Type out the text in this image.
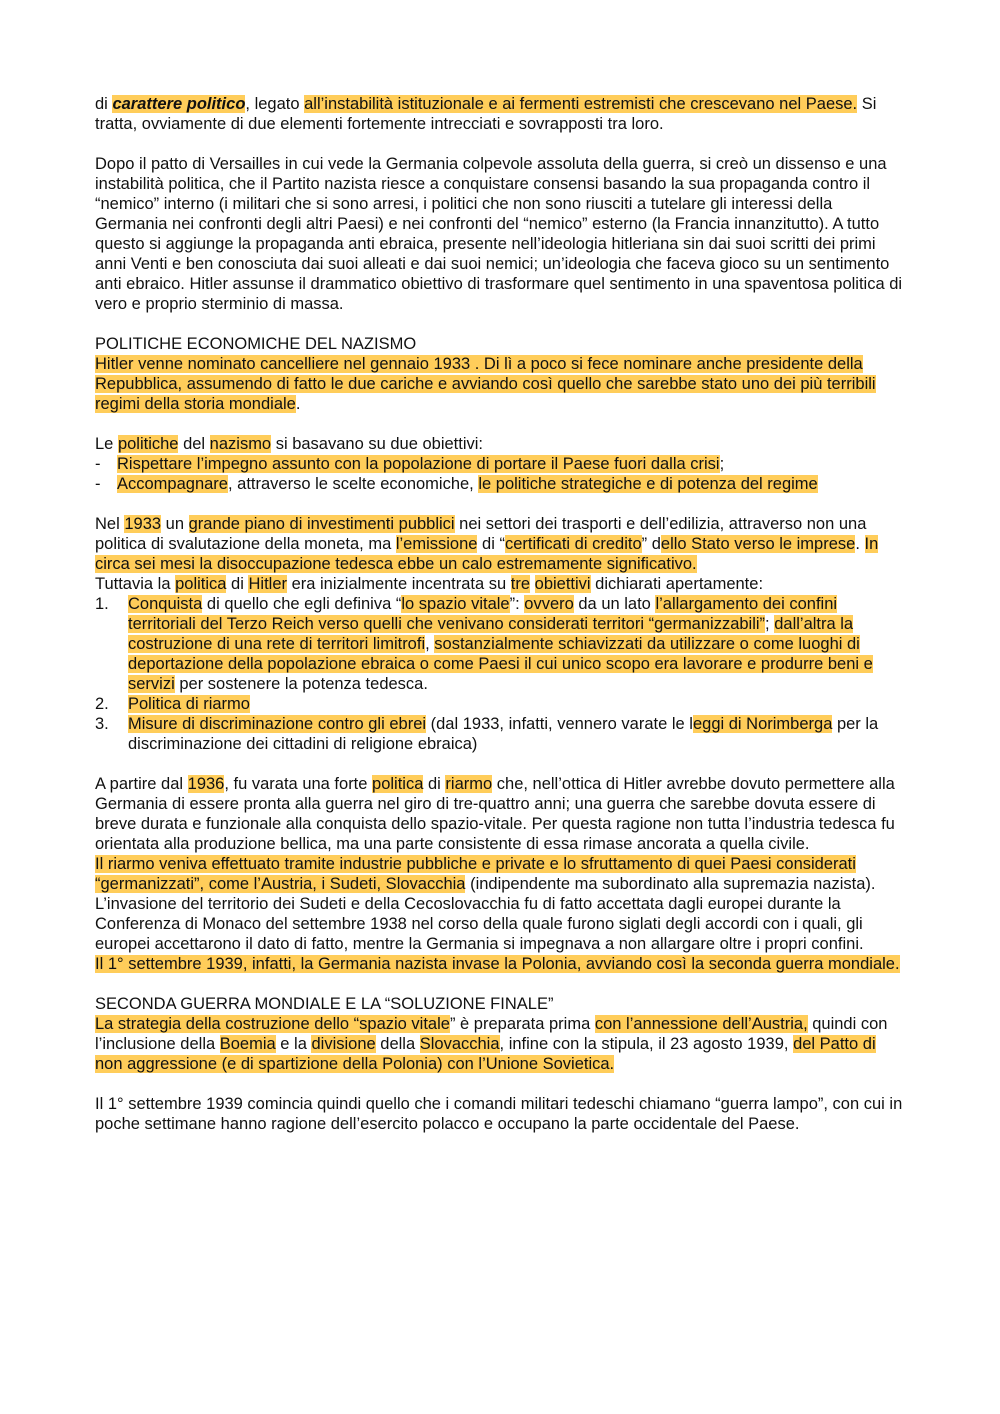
di carattere politico, legato all’instabilità istituzionale e ai fermenti estremisti che crescevano nel Paese. Si tratta, ovviamente di due elementi fortemente intrecciati e sovrapposti tra loro.

Dopo il patto di Versailles in cui vede la Germania colpevole assoluta della guerra, si creò un dissenso e una instabilità politica, che il Partito nazista riesce a conquistare consensi basando la sua propaganda contro il “nemico” interno (i militari che si sono arresi, i politici che non sono riusciti a tutelare gli interessi della Germania nei confronti degli altri Paesi) e nei confronti del “nemico” esterno (la Francia innanzitutto). A tutto questo si aggiunge la propaganda anti ebraica, presente nell’ideologia hitleriana sin dai suoi scritti dei primi anni Venti e ben conosciuta dai suoi alleati e dai suoi nemici; un’ideologia che faceva gioco su un sentimento anti ebraico. Hitler assunse il drammatico obiettivo di trasformare quel sentimento in una spaventosa politica di vero e proprio sterminio di massa.

POLITICHE ECONOMICHE DEL NAZISMO

Hitler venne nominato cancelliere nel gennaio 1933 . Di lì a poco si fece nominare anche presidente della Repubblica, assumendo di fatto le due cariche e avviando così quello che sarebbe stato uno dei più terribili regimi della storia mondiale.

Le politiche del nazismo si basavano su due obiettivi:

- Rispettare l’impegno assunto con la popolazione di portare il Paese fuori dalla crisi;
- Accompagnare, attraverso le scelte economiche, le politiche strategiche e di potenza del regime

Nel 1933 un grande piano di investimenti pubblici nei settori dei trasporti e dell’edilizia, attraverso non una politica di svalutazione della moneta, ma l’emissione di “certificati di credito” dello Stato verso le imprese. In circa sei mesi la disoccupazione tedesca ebbe un calo estremamente significativo.

Tuttavia la politica di Hitler era inizialmente incentrata su tre obiettivi dichiarati apertamente:

1. Conquista di quello che egli definiva “lo spazio vitale”: ovvero da un lato l’allargamento dei confini territoriali del Terzo Reich verso quelli che venivano considerati territori “germanizzabili”; dall’altra la costruzione di una rete di territori limitrofi, sostanzialmente schiavizzati da utilizzare o come luoghi di deportazione della popolazione ebraica o come Paesi il cui unico scopo era lavorare e produrre beni e servizi per sostenere la potenza tedesca.
2. Politica di riarmo
3. Misure di discriminazione contro gli ebrei (dal 1933, infatti, vennero varate le leggi di Norimberga per la discriminazione dei cittadini di religione ebraica)

A partire dal 1936, fu varata una forte politica di riarmo che, nell’ottica di Hitler avrebbe dovuto permettere alla Germania di essere pronta alla guerra nel giro di tre-quattro anni; una guerra che sarebbe dovuta essere di breve durata e funzionale alla conquista dello spazio-vitale. Per questa ragione non tutta l’industria tedesca fu orientata alla produzione bellica, ma una parte consistente di essa rimase ancorata a quella civile.

Il riarmo veniva effettuato tramite industrie pubbliche e private e lo sfruttamento di quei Paesi considerati “germanizzati”, come l’Austria, i Sudeti, Slovacchia (indipendente ma subordinato alla supremazia nazista). L’invasione del territorio dei Sudeti e della Cecoslovacchia fu di fatto accettata dagli europei durante la Conferenza di Monaco del settembre 1938 nel corso della quale furono siglati degli accordi con i quali, gli europei accettarono il dato di fatto, mentre la Germania si impegnava a non allargare oltre i propri confini.

Il 1° settembre 1939, infatti, la Germania nazista invase la Polonia, avviando così la seconda guerra mondiale.

SECONDA GUERRA MONDIALE E LA “SOLUZIONE FINALE”

La strategia della costruzione dello “spazio vitale” è preparata prima con l’annessione dell’Austria, quindi con l’inclusione della Boemia e la divisione della Slovacchia, infine con la stipula, il 23 agosto 1939, del Patto di non aggressione (e di spartizione della Polonia) con l’Unione Sovietica.

Il 1° settembre 1939 comincia quindi quello che i comandi militari tedeschi chiamano “guerra lampo”, con cui in poche settimane hanno ragione dell’esercito polacco e occupano la parte occidentale del Paese.
